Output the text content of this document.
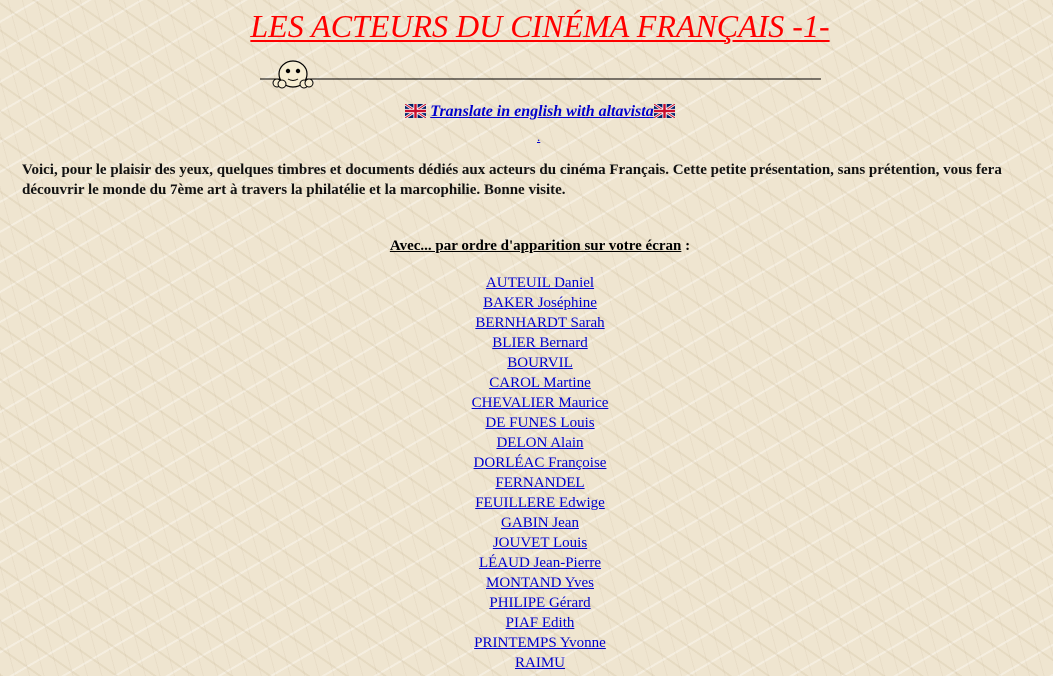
LES ACTEURS DU CINÉMA FRANÇAIS -1-
Translate in english with altavista
.

Voici, pour le plaisir des yeux, quelques timbres et documents dédiés aux acteurs du cinéma Français. Cette petite présentation, sans prétention, vous fera découvrir le monde du 7ème art à travers la philatélie et la marcophilie. Bonne visite.

Avec... par ordre d'apparition sur votre écran :
AUTEUIL Daniel
BAKER Joséphine
BERNHARDT Sarah
BLIER Bernard
BOURVIL
CAROL Martine
CHEVALIER Maurice
DE FUNES Louis
DELON Alain
DORLÉAC Françoise
FERNANDEL
FEUILLERE Edwige
GABIN Jean
JOUVET Louis
LÉAUD Jean-Pierre
MONTAND Yves
PHILIPE Gérard
PIAF Edith
PRINTEMPS Yvonne
RAIMU
